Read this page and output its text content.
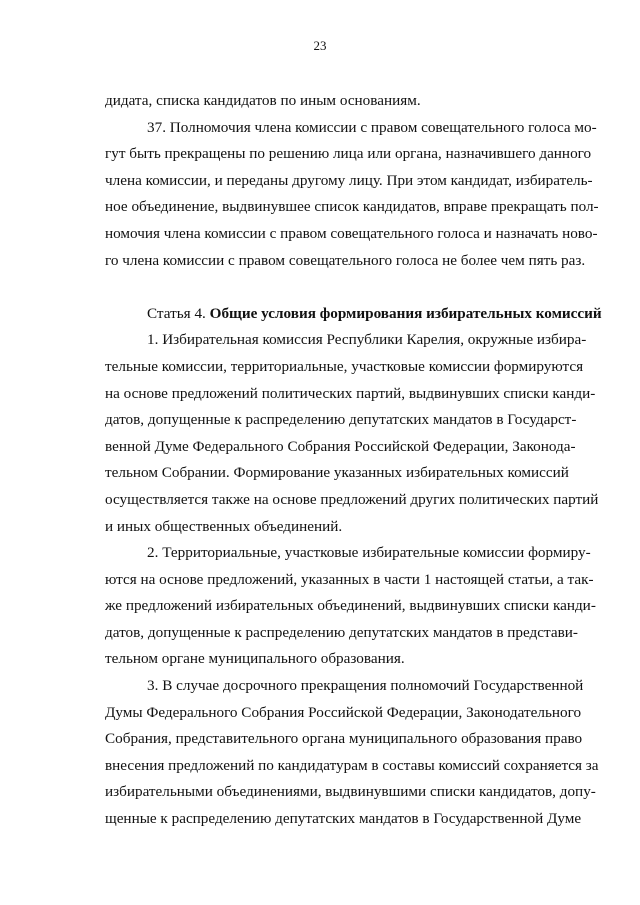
23
дидата, списка кандидатов по иным основаниям.
37. Полномочия члена комиссии с правом совещательного голоса мо-
гут быть прекращены по решению лица или органа, назначившего данного
члена комиссии, и переданы другому лицу. При этом кандидат, избиратель-
ное объединение, выдвинувшее список кандидатов, вправе прекращать пол-
номочия члена комиссии с правом совещательного голоса и назначать ново-
го члена комиссии с правом совещательного голоса не более чем пять раз.
Статья 4. Общие условия формирования избирательных комиссий
1. Избирательная комиссия Республики Карелия, окружные избира-
тельные комиссии, территориальные, участковые комиссии формируются
на основе предложений политических партий, выдвинувших списки канди-
датов, допущенные к распределению депутатских мандатов в Государст-
венной Думе Федерального Собрания Российской Федерации, Законода-
тельном Собрании. Формирование указанных избирательных комиссий
осуществляется также на основе предложений других политических партий
и иных общественных объединений.
2. Территориальные, участковые избирательные комиссии формиру-
ются на основе предложений, указанных в части 1 настоящей статьи, а так-
же предложений избирательных объединений, выдвинувших списки канди-
датов, допущенные к распределению депутатских мандатов в представи-
тельном органе муниципального образования.
3. В случае досрочного прекращения полномочий Государственной
Думы Федерального Собрания Российской Федерации, Законодательного
Собрания, представительного органа муниципального образования право
внесения предложений по кандидатурам в составы комиссий сохраняется за
избирательными объединениями, выдвинувшими списки кандидатов, допу-
щенные к распределению депутатских мандатов в Государственной Думе
